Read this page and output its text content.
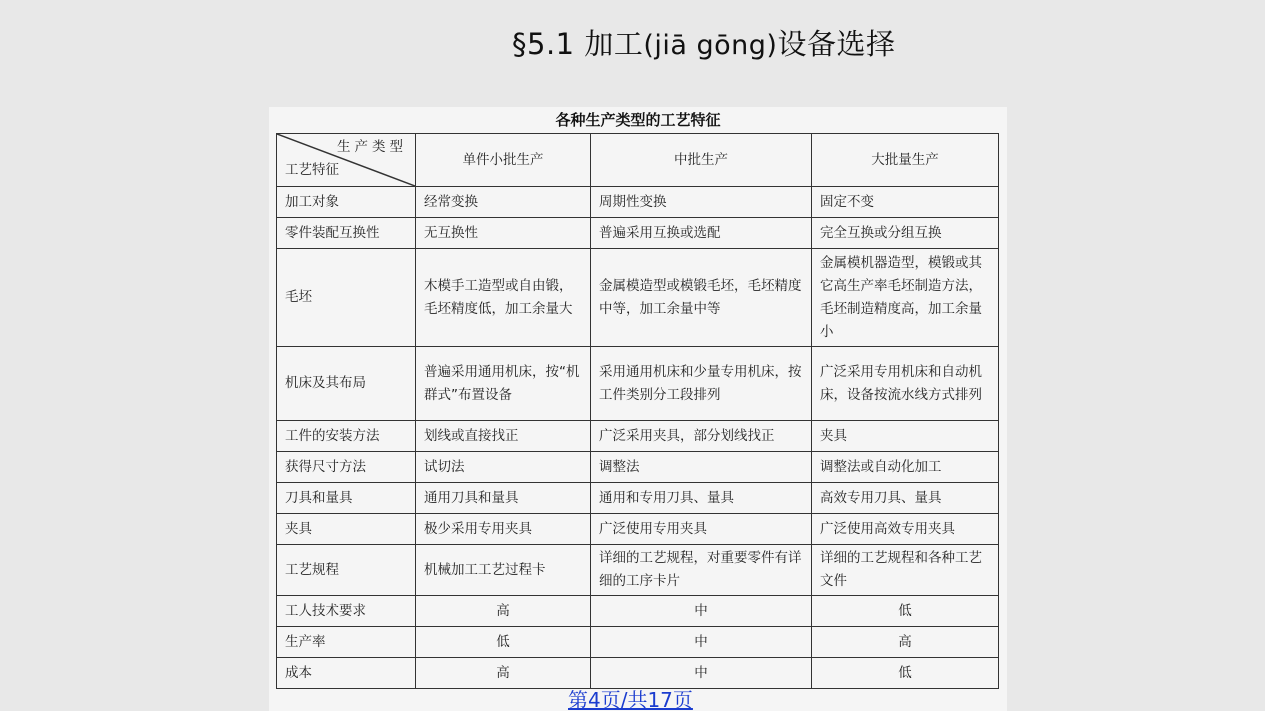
§5.1 加工(jiā gōng)设备选择
各种生产类型的工艺特征
生产类型
工艺特征	单件小批生产	中批生产	大批量生产
加工对象	经常变换	周期性变换	固定不变
零件装配互换性	无互换性	普遍采用互换或选配	完全互换或分组互换
毛坯	木模手工造型或自由锻，毛坯精度低，加工余量大	金属模造型或模锻毛坯，毛坯精度中等，加工余量中等	金属模机器造型，模锻或其它高生产率毛坯制造方法，毛坯制造精度高，加工余量小
机床及其布局	普遍采用通用机床，按“机群式”布置设备	采用通用机床和少量专用机床，按工件类别分工段排列	广泛采用专用机床和自动机床，设备按流水线方式排列
工件的安装方法	划线或直接找正	广泛采用夹具，部分划线找正	夹具
获得尺寸方法	试切法	调整法	调整法或自动化加工
刀具和量具	通用刀具和量具	通用和专用刀具、量具	高效专用刀具、量具
夹具	极少采用专用夹具	广泛使用专用夹具	广泛使用高效专用夹具
工艺规程	机械加工工艺过程卡	详细的工艺规程，对重要零件有详细的工序卡片	详细的工艺规程和各种工艺文件
工人技术要求	高	中	低
生产率	低	中	高
成本	高	中	低
第4页/共17页
